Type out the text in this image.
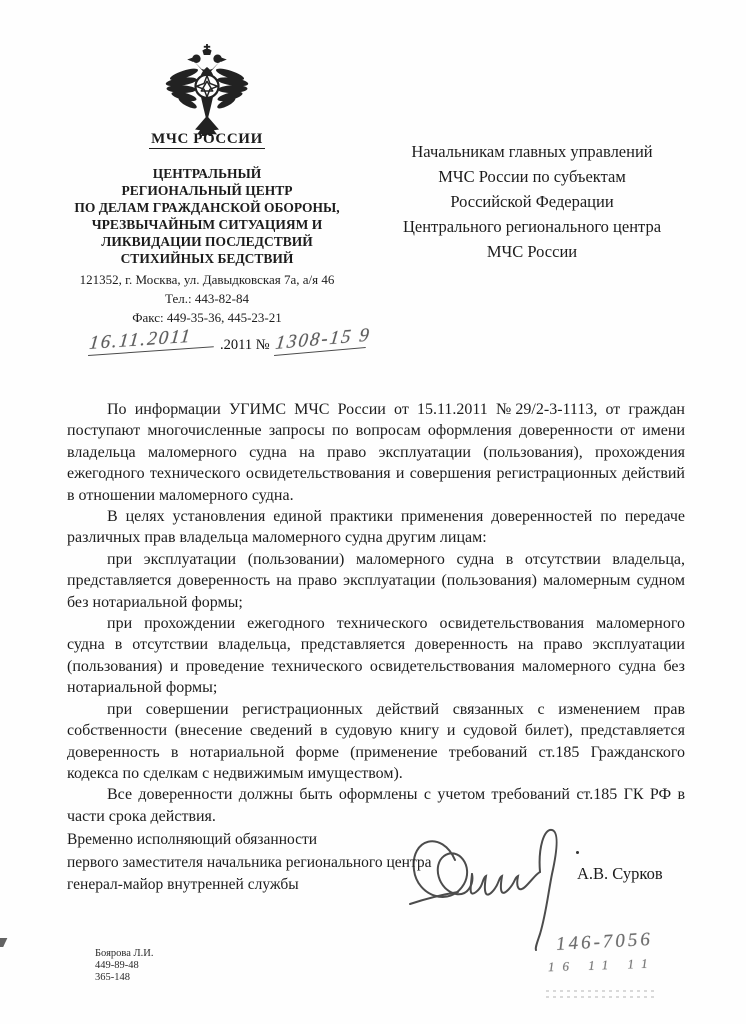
МЧС РОССИИ
ЦЕНТРАЛЬНЫЙ
РЕГИОНАЛЬНЫЙ ЦЕНТР
ПО ДЕЛАМ ГРАЖДАНСКОЙ ОБОРОНЫ,
ЧРЕЗВЫЧАЙНЫМ СИТУАЦИЯМ И
ЛИКВИДАЦИИ ПОСЛЕДСТВИЙ
СТИХИЙНЫХ БЕДСТВИЙ
121352, г. Москва, ул. Давыдковская 7а, а/я 46
Тел.: 443-82-84
Факс: 449-35-36, 445-23-21
16.11.2011	.2011 № 1308-15 9
Начальникам главных управлений
МЧС России по субъектам
Российской Федерации
Центрального регионального центра
МЧС России

По информации УГИМС МЧС России от 15.11.2011 №29/2-3-1113, от граждан поступают многочисленные запросы по вопросам оформления доверенности от имени владельца маломерного судна на право эксплуатации (пользования), прохождения ежегодного технического освидетельствования и совершения регистрационных действий в отношении маломерного судна.

В целях установления единой практики применения доверенностей по передаче различных прав владельца маломерного судна другим лицам:

при эксплуатации (пользовании) маломерного судна в отсутствии владельца, представляется доверенность на право эксплуатации (пользования) маломерным судном без нотариальной формы;

при прохождении ежегодного технического освидетельствования маломерного судна в отсутствии владельца, представляется доверенность на право эксплуатации (пользования) и проведение технического освидетельствования маломерного судна без нотариальной формы;

при совершении регистрационных действий связанных с изменением прав собственности (внесение сведений в судовую книгу и судовой билет), представляется доверенность в нотариальной форме (применение требований ст.185 Гражданского кодекса по сделкам с недвижимым имуществом).

Все доверенности должны быть оформлены с учетом требований ст.185 ГК РФ в части срока действия.

Временно исполняющий обязанности
первого заместителя начальника регионального центра
генерал-майор внутренней службы
А.В. Сурков
Боярова Л.И.
449-89-48
365-148
146-7056
16 11 11
